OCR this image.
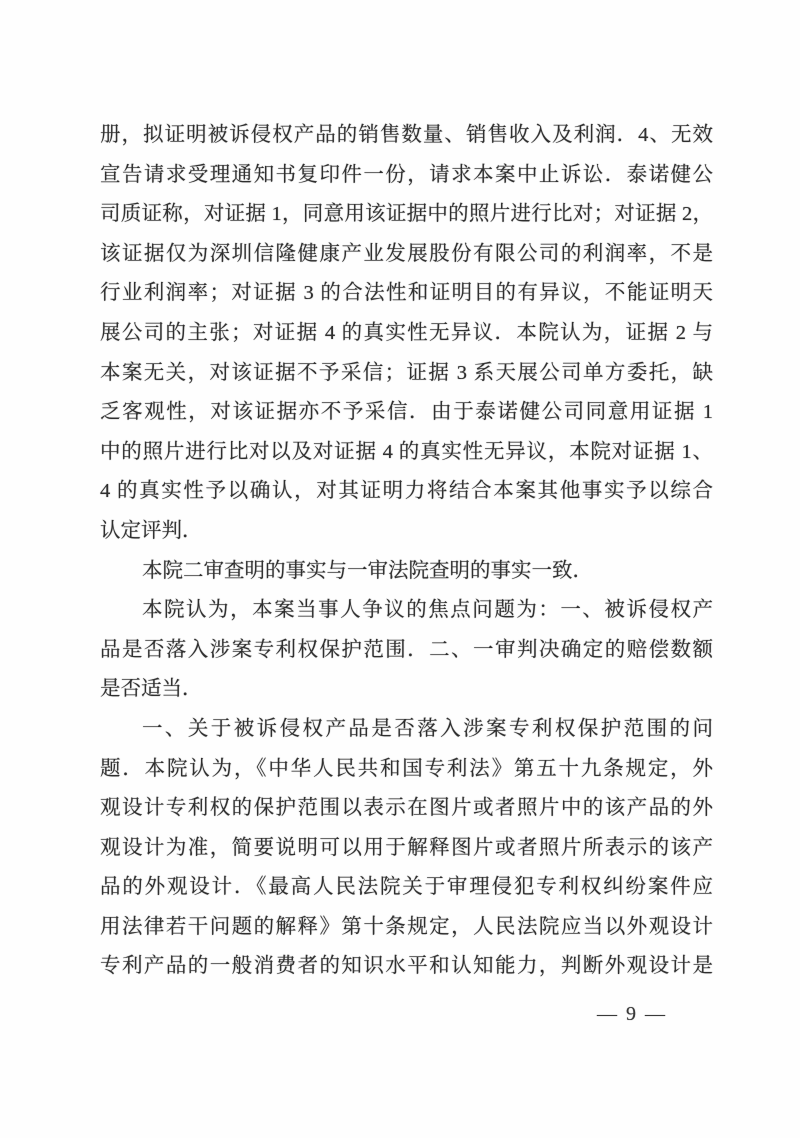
册，拟证明被诉侵权产品的销售数量、销售收入及利润．4、无效
宣告请求受理通知书复印件一份，请求本案中止诉讼．泰诺健公
司质证称，对证据 1，同意用该证据中的照片进行比对；对证据 2，
该证据仅为深圳信隆健康产业发展股份有限公司的利润率，不是
行业利润率；对证据 3 的合法性和证明目的有异议，不能证明天
展公司的主张；对证据 4 的真实性无异议．本院认为，证据 2 与
本案无关，对该证据不予采信；证据 3 系天展公司单方委托，缺
乏客观性，对该证据亦不予采信．由于泰诺健公司同意用证据 1
中的照片进行比对以及对证据 4 的真实性无异议，本院对证据 1、
4 的真实性予以确认，对其证明力将结合本案其他事实予以综合
认定评判．
本院二审查明的事实与一审法院查明的事实一致．
本院认为，本案当事人争议的焦点问题为：一、被诉侵权产
品是否落入涉案专利权保护范围．二、一审判决确定的赔偿数额
是否适当．
一、关于被诉侵权产品是否落入涉案专利权保护范围的问
题．本院认为，《中华人民共和国专利法》第五十九条规定，外
观设计专利权的保护范围以表示在图片或者照片中的该产品的外
观设计为准，简要说明可以用于解释图片或者照片所表示的该产
品的外观设计．《最高人民法院关于审理侵犯专利权纠纷案件应
用法律若干问题的解释》第十条规定，人民法院应当以外观设计
专利产品的一般消费者的知识水平和认知能力，判断外观设计是
— 9 —
